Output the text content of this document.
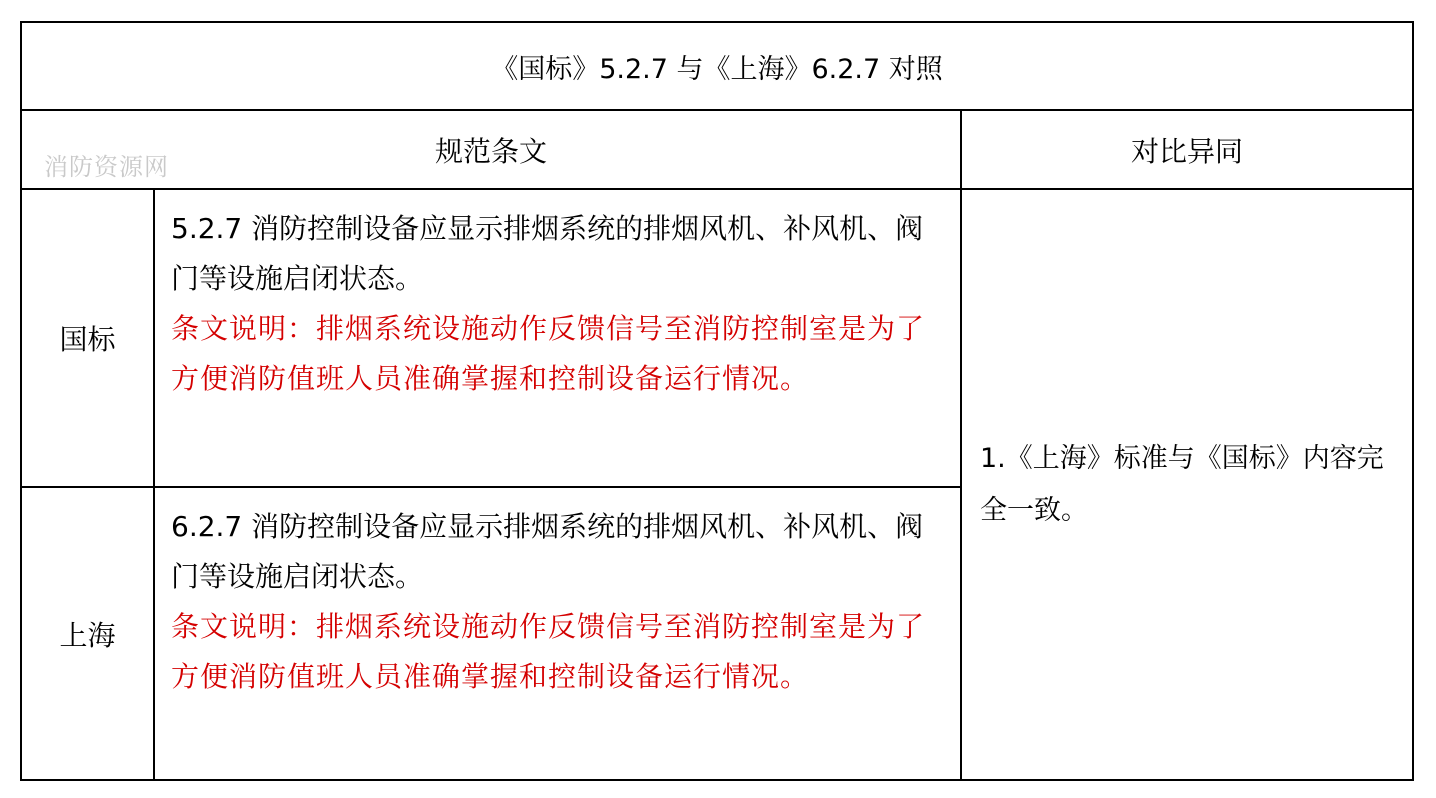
《国标》5.2.7 与《上海》6.2.7 对照
规范条文	对比异同
消防资源网
国标
5.2.7 消防控制设备应显示排烟系统的排烟风机、补风机、阀门等设施启闭状态。
条文说明：排烟系统设施动作反馈信号至消防控制室是为了方便消防值班人员准确掌握和控制设备运行情况。
上海
6.2.7 消防控制设备应显示排烟系统的排烟风机、补风机、阀门等设施启闭状态。
条文说明：排烟系统设施动作反馈信号至消防控制室是为了方便消防值班人员准确掌握和控制设备运行情况。
1.《上海》标准与《国标》内容完全一致。
